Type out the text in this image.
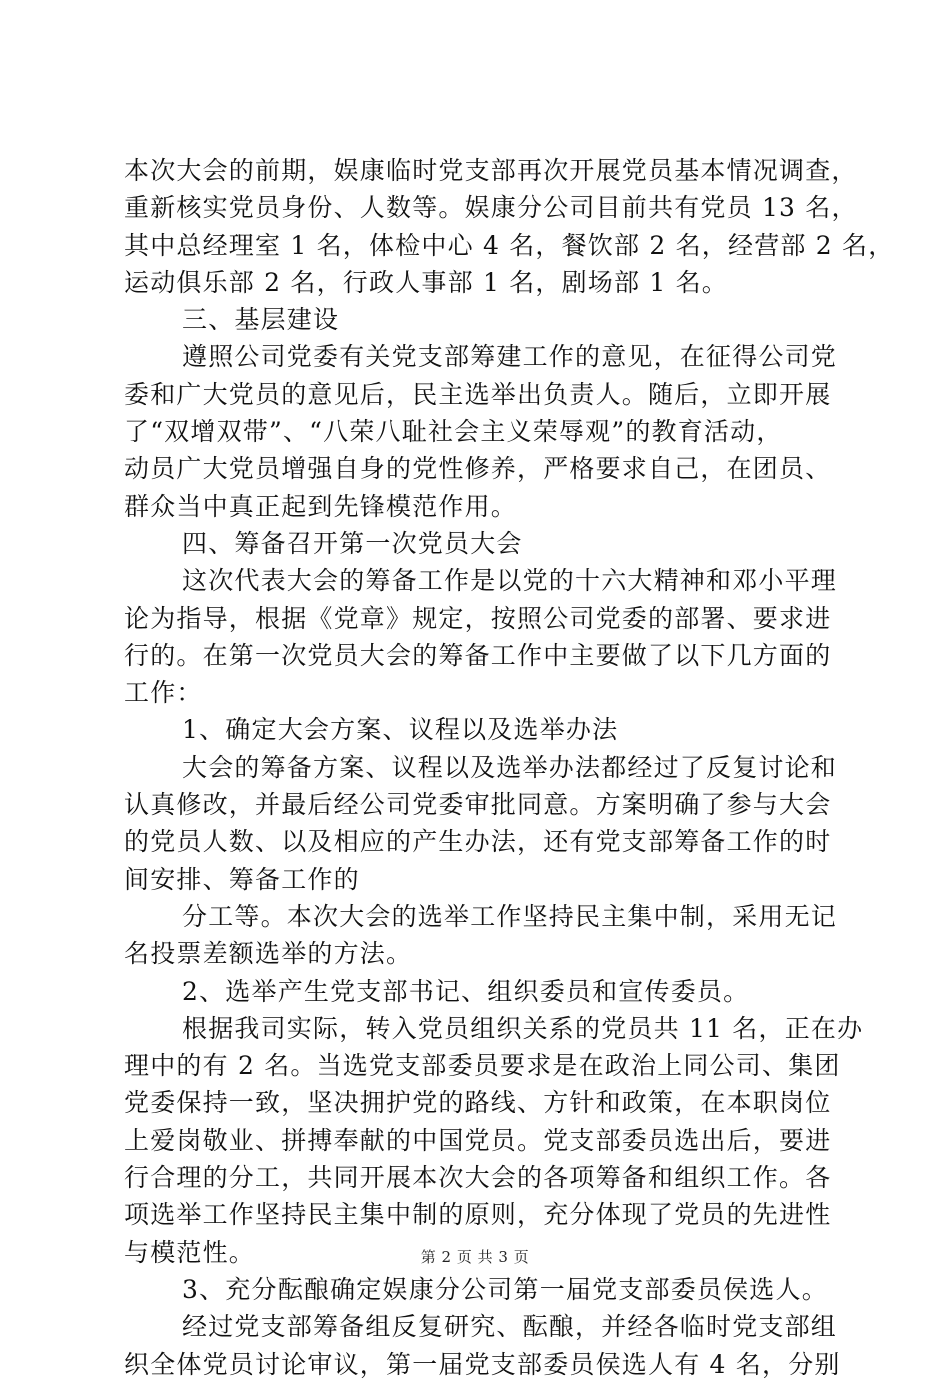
本次大会的前期，娱康临时党支部再次开展党员基本情况调查，
重新核实党员身份、人数等。娱康分公司目前共有党员 13 名，
其中总经理室 1 名，体检中心 4 名，餐饮部 2 名，经营部 2 名，
运动俱乐部 2 名，行政人事部 1 名，剧场部 1 名。
三、基层建设
遵照公司党委有关党支部筹建工作的意见，在征得公司党
委和广大党员的意见后，民主选举出负责人。随后，立即开展
了“双增双带”、“八荣八耻社会主义荣辱观”的教育活动，
动员广大党员增强自身的党性修养，严格要求自己，在团员、
群众当中真正起到先锋模范作用。
四、筹备召开第一次党员大会
这次代表大会的筹备工作是以党的十六大精神和邓小平理
论为指导，根据《党章》规定，按照公司党委的部署、要求进
行的。在第一次党员大会的筹备工作中主要做了以下几方面的
工作：
1、确定大会方案、议程以及选举办法
大会的筹备方案、议程以及选举办法都经过了反复讨论和
认真修改，并最后经公司党委审批同意。方案明确了参与大会
的党员人数、以及相应的产生办法，还有党支部筹备工作的时
间安排、筹备工作的
分工等。本次大会的选举工作坚持民主集中制，采用无记
名投票差额选举的方法。
2、选举产生党支部书记、组织委员和宣传委员。
根据我司实际，转入党员组织关系的党员共 11 名，正在办
理中的有 2 名。当选党支部委员要求是在政治上同公司、集团
党委保持一致，坚决拥护党的路线、方针和政策，在本职岗位
上爱岗敬业、拼搏奉献的中国党员。党支部委员选出后，要进
行合理的分工，共同开展本次大会的各项筹备和组织工作。各
项选举工作坚持民主集中制的原则，充分体现了党员的先进性
与模范性。
3、充分酝酿确定娱康分公司第一届党支部委员侯选人。
经过党支部筹备组反复研究、酝酿，并经各临时党支部组
织全体党员讨论审议，第一届党支部委员侯选人有 4 名，分别
第 2 页 共 3 页
